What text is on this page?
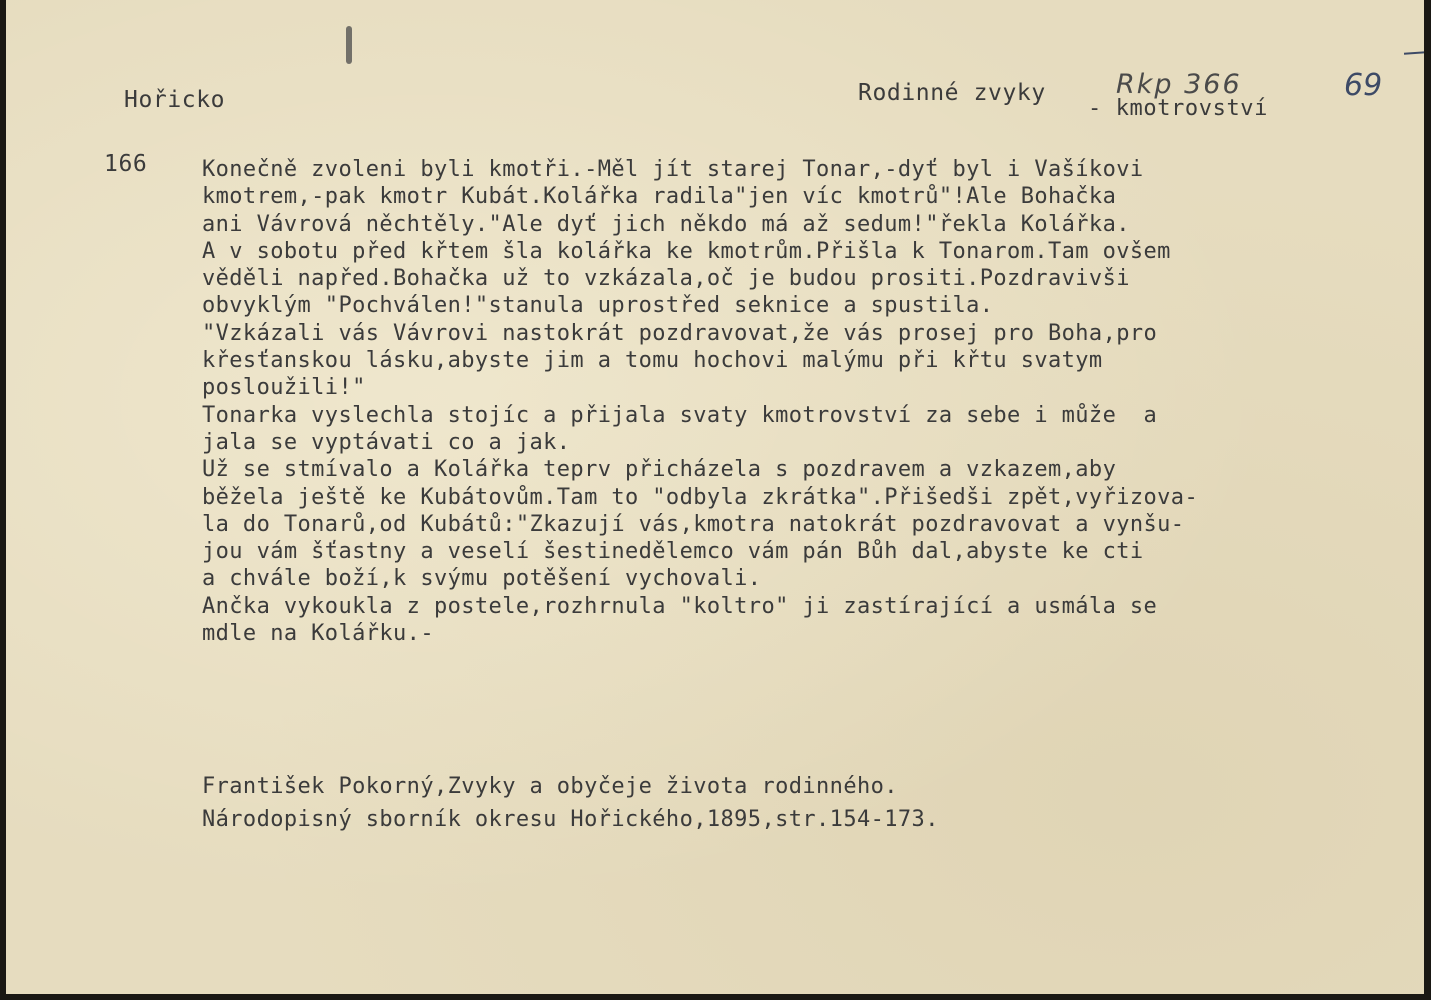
Hořicko	Rodinné zvyky

- kmotrovství

Rkp 366	69

166 Konečně zvoleni byli kmotři.-Měl jít starej Tonar,-dyť byl i Vašíkovi
kmotrem,-pak kmotr Kubát.Kolářka radila"jen víc kmotrů"!Ale Bohačka
ani Vávrová něchtěly."Ale dyť jich někdo má až sedum!"řekla Kolářka.
A v sobotu před křtem šla kolářka ke kmotrům.Přišla k Tonarom.Tam ovšem
věděli napřed.Bohačka už to vzkázala,oč je budou prositi.Pozdravivši
obvyklým "Pochválen!"stanula uprostřed seknice a spustila.
"Vzkázali vás Vávrovi nastokrát pozdravovat,že vás prosej pro Boha,pro
křesťanskou lásku,abyste jim a tomu hochovi malýmu při křtu svatym
posloužili!"
Tonarka vyslechla stojíc a přijala svaty kmotrovství za sebe i může  a
jala se vyptávati co a jak.
Už se stmívalo a Kolářka teprv přicházela s pozdravem a vzkazem,aby
běžela ještě ke Kubátovům.Tam to "odbyla zkrátka".Přišedši zpět,vyřizova-
la do Tonarů,od Kubátů:"Zkazují vás,kmotra natokrát pozdravovat a vynšu-
jou vám šťastny a veselí šestinedělemco vám pán Bůh dal,abyste ke cti
a chvále boží,k svýmu potěšení vychovali.
Ančka vykoukla z postele,rozhrnula "koltro" ji zastírající a usmála se
mdle na Kolářku.-
František Pokorný,Zvyky a obyčeje života rodinného.
Národopisný sborník okresu Hořického,1895,str.154-173.
